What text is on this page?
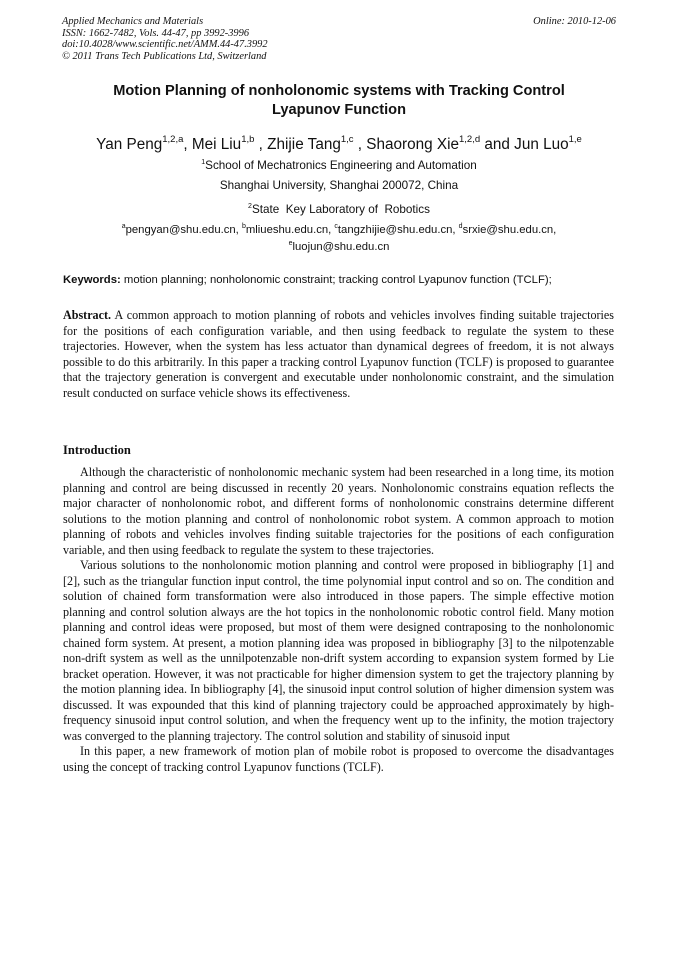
Applied Mechanics and Materials
ISSN: 1662-7482, Vols. 44-47, pp 3992-3996
doi:10.4028/www.scientific.net/AMM.44-47.3992
© 2011 Trans Tech Publications Ltd, Switzerland
Online: 2010-12-06
Motion Planning of nonholonomic systems with Tracking Control
Lyapunov Function
Yan Peng$^{1,2,a}$, Mei Liu$^{1,b}$ , Zhijie Tang$^{1,c}$ , Shaorong Xie$^{1,2,d}$ and Jun Luo$^{1,e}$
$^1$School of Mechatronics Engineering and Automation
Shanghai University, Shanghai 200072, China
$^2$State  Key Laboratory of  Robotics
$^a$pengyan@shu.edu.cn, $^b$mliueshu.edu.cn, $^c$tangzhijie@shu.edu.cn, $^d$srxie@shu.edu.cn,
$^e$luojun@shu.edu.cn
Keywords: motion planning; nonholonomic constraint; tracking control Lyapunov function (TCLF);
Abstract. A common approach to motion planning of robots and vehicles involves finding suitable trajectories for the positions of each configuration variable, and then using feedback to regulate the system to these trajectories. However, when the system has less actuator than dynamical degrees of freedom, it is not always possible to do this arbitrarily. In this paper a tracking control Lyapunov function (TCLF) is proposed to guarantee that the trajectory generation is convergent and executable under nonholonomic constraint, and the simulation result conducted on surface vehicle shows its effectiveness.
Introduction

Although the characteristic of nonholonomic mechanic system had been researched in a long time, its motion planning and control are being discussed in recently 20 years. Nonholonomic constrains equation reflects the major character of nonholonomic robot, and different forms of nonholonomic constrains determine different solutions to the motion planning and control of nonholonomic robot system. A common approach to motion planning of robots and vehicles involves finding suitable trajectories for the positions of each configuration variable, and then using feedback to regulate the system to these trajectories.

Various solutions to the nonholonomic motion planning and control were proposed in bibliography [1] and [2], such as the triangular function input control, the time polynomial input control and so on. The condition and solution of chained form transformation were also introduced in those papers. The simple effective motion planning and control solution always are the hot topics in the nonholonomic robotic control field. Many motion planning and control ideas were proposed, but most of them were designed contraposing to the nonholonomic chained form system. At present, a motion planning idea was proposed in bibliography [3] to the nilpotenzable non-drift system as well as the unnilpotenzable non-drift system according to expansion system formed by Lie bracket operation. However, it was not practicable for higher dimension system to get the trajectory planning by the motion planning idea. In bibliography [4], the sinusoid input control solution of higher dimension system was discussed. It was expounded that this kind of planning trajectory could be approached approximately by high-frequency sinusoid input control solution, and when the frequency went up to the infinity, the motion trajectory was converged to the planning trajectory. The control solution and stability of sinusoid input

In this paper, a new framework of motion plan of mobile robot is proposed to overcome the disadvantages using the concept of tracking control Lyapunov functions (TCLF).
